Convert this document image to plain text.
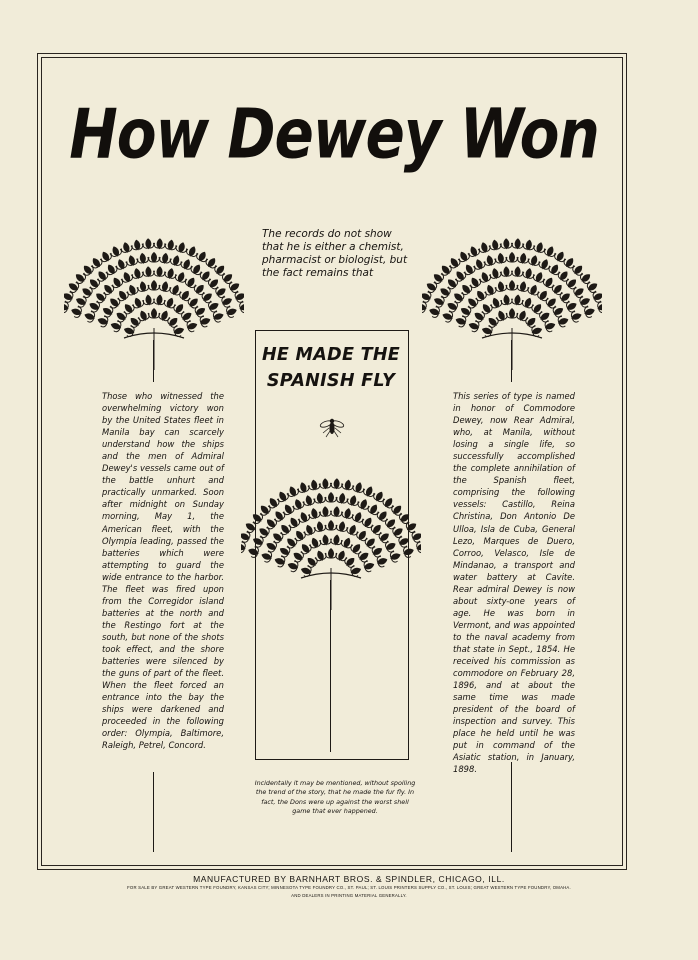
How Dewey Won
The records do not show that he is either a chemist, pharmacist or biologist, but the fact remains that
HE MADE THE
SPANISH FLY
Those who witnessed the overwhelming victory won by the United States fleet in Manila bay can scarcely understand how the ships and the men of Admiral Dewey's vessels came out of the battle unhurt and practically unmarked. Soon after midnight on Sunday morning, May 1, the American fleet, with the Olympia leading, passed the batteries which were attempting to guard the wide entrance to the harbor. The fleet was fired upon from the Corregidor island batteries at the north and the Restingo fort at the south, but none of the shots took effect, and the shore batteries were silenced by the guns of part of the fleet. When the fleet forced an entrance into the bay the ships were darkened and proceeded in the following order: Olympia, Baltimore, Raleigh, Petrel, Concord.
This series of type is named in honor of Commodore Dewey, now Rear Admiral, who, at Manila, without losing a single life, so successfully accomplished the complete annihilation of the Spanish fleet, comprising the following vessels: Castillo, Reina Christina, Don Antonio De Ulloa, Isla de Cuba, General Lezo, Marques de Duero, Corroo, Velasco, Isle de Mindanao, a transport and water battery at Cavite. Rear admiral Dewey is now about sixty-one years of age. He was born in Vermont, and was appointed to the naval academy from that state in Sept., 1854. He received his commission as commodore on February 28, 1896, and at about the same time was made president of the board of inspection and survey. This place he held until he was put in command of the Asiatic station, in January, 1898.
Incidentally it may be mentioned, without spoiling the trend of the story, that he made the fur fly. In fact, the Dons were up against the worst shell game that ever happened.
MANUFACTURED BY BARNHART BROS. & SPINDLER, CHICAGO, ILL.
FOR SALE BY GREAT WESTERN TYPE FOUNDRY, KANSAS CITY; MINNESOTA TYPE FOUNDRY CO., ST. PAUL; ST. LOUIS PRINTERS SUPPLY CO., ST. LOUIS; GREAT WESTERN TYPE FOUNDRY, OMAHA.
AND DEALERS IN PRINTING MATERIAL GENERALLY.
